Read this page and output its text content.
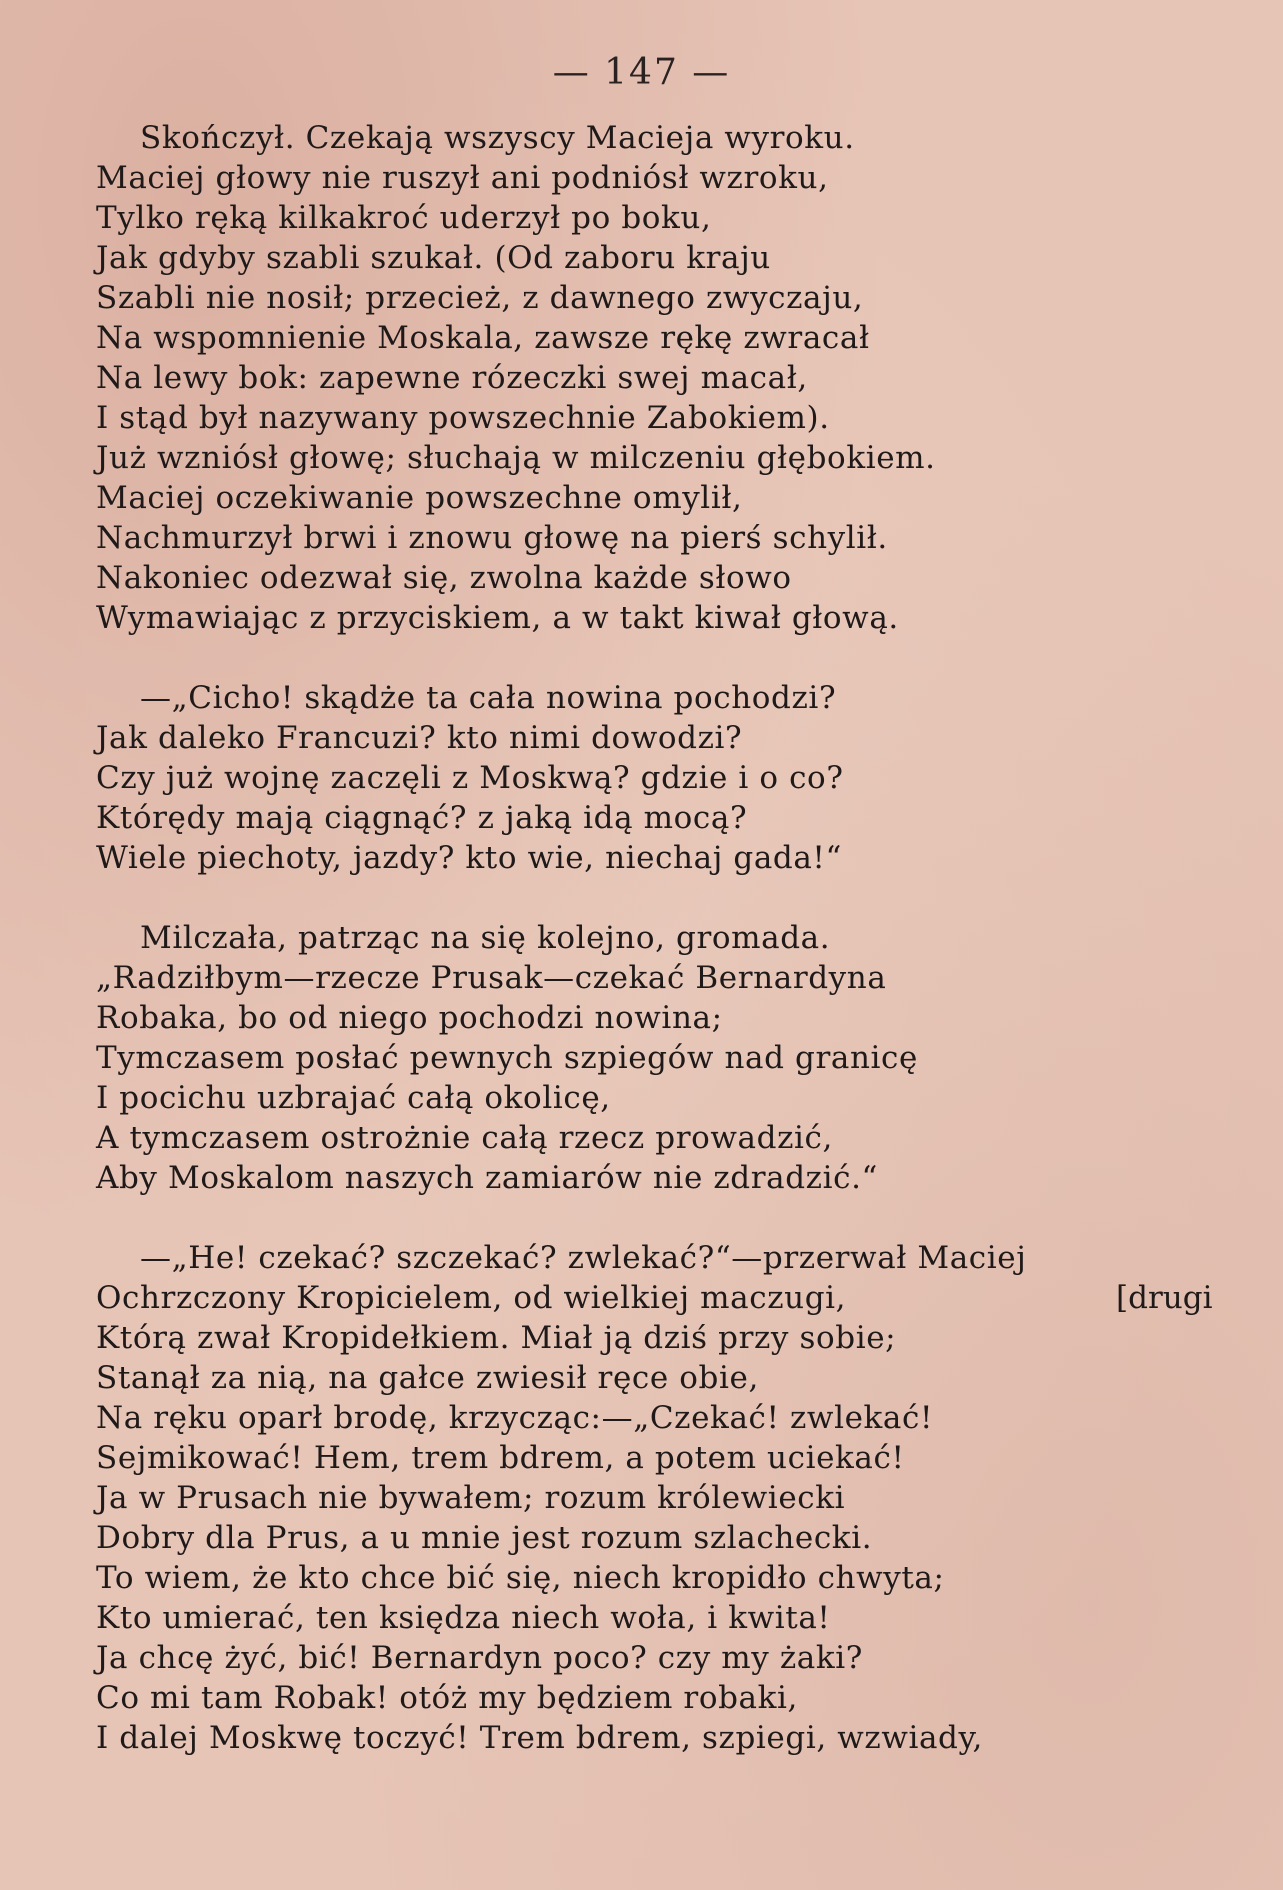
— 147 —
Skończył. Czekają wszyscy Macieja wyroku.
Maciej głowy nie ruszył ani podniósł wzroku,
Tylko ręką kilkakroć uderzył po boku,
Jak gdyby szabli szukał. (Od zaboru kraju
Szabli nie nosił; przecież, z dawnego zwyczaju,
Na wspomnienie Moskala, zawsze rękę zwracał
Na lewy bok: zapewne rózeczki swej macał,
I stąd był nazywany powszechnie Zabokiem).
Już wzniósł głowę; słuchają w milczeniu głębokiem.
Maciej oczekiwanie powszechne omylił,
Nachmurzył brwi i znowu głowę na pierś schylił.
Nakoniec odezwał się, zwolna każde słowo
Wymawiając z przyciskiem, a w takt kiwał głową.
—„Cicho! skądże ta cała nowina pochodzi?
Jak daleko Francuzi? kto nimi dowodzi?
Czy już wojnę zaczęli z Moskwą? gdzie i o co?
Którędy mają ciągnąć? z jaką idą mocą?
Wiele piechoty, jazdy? kto wie, niechaj gada!“
Milczała, patrząc na się kolejno, gromada.
„Radziłbym—rzecze Prusak—czekać Bernardyna
Robaka, bo od niego pochodzi nowina;
Tymczasem posłać pewnych szpiegów nad granicę
I pocichu uzbrajać całą okolicę,
A tymczasem ostrożnie całą rzecz prowadzić,
Aby Moskalom naszych zamiarów nie zdradzić.“
—„He! czekać? szczekać? zwlekać?“—przerwał Maciej
Ochrzczony Kropicielem, od wielkiej maczugi,	[drugi
Którą zwał Kropidełkiem. Miał ją dziś przy sobie;
Stanął za nią, na gałce zwiesił ręce obie,
Na ręku oparł brodę, krzycząc:—„Czekać! zwlekać!
Sejmikować! Hem, trem bdrem, a potem uciekać!
Ja w Prusach nie bywałem; rozum królewiecki
Dobry dla Prus, a u mnie jest rozum szlachecki.
To wiem, że kto chce bić się, niech kropidło chwyta;
Kto umierać, ten księdza niech woła, i kwita!
Ja chcę żyć, bić! Bernardyn poco? czy my żaki?
Co mi tam Robak! otóż my będziem robaki,
I dalej Moskwę toczyć! Trem bdrem, szpiegi, wzwiady,
